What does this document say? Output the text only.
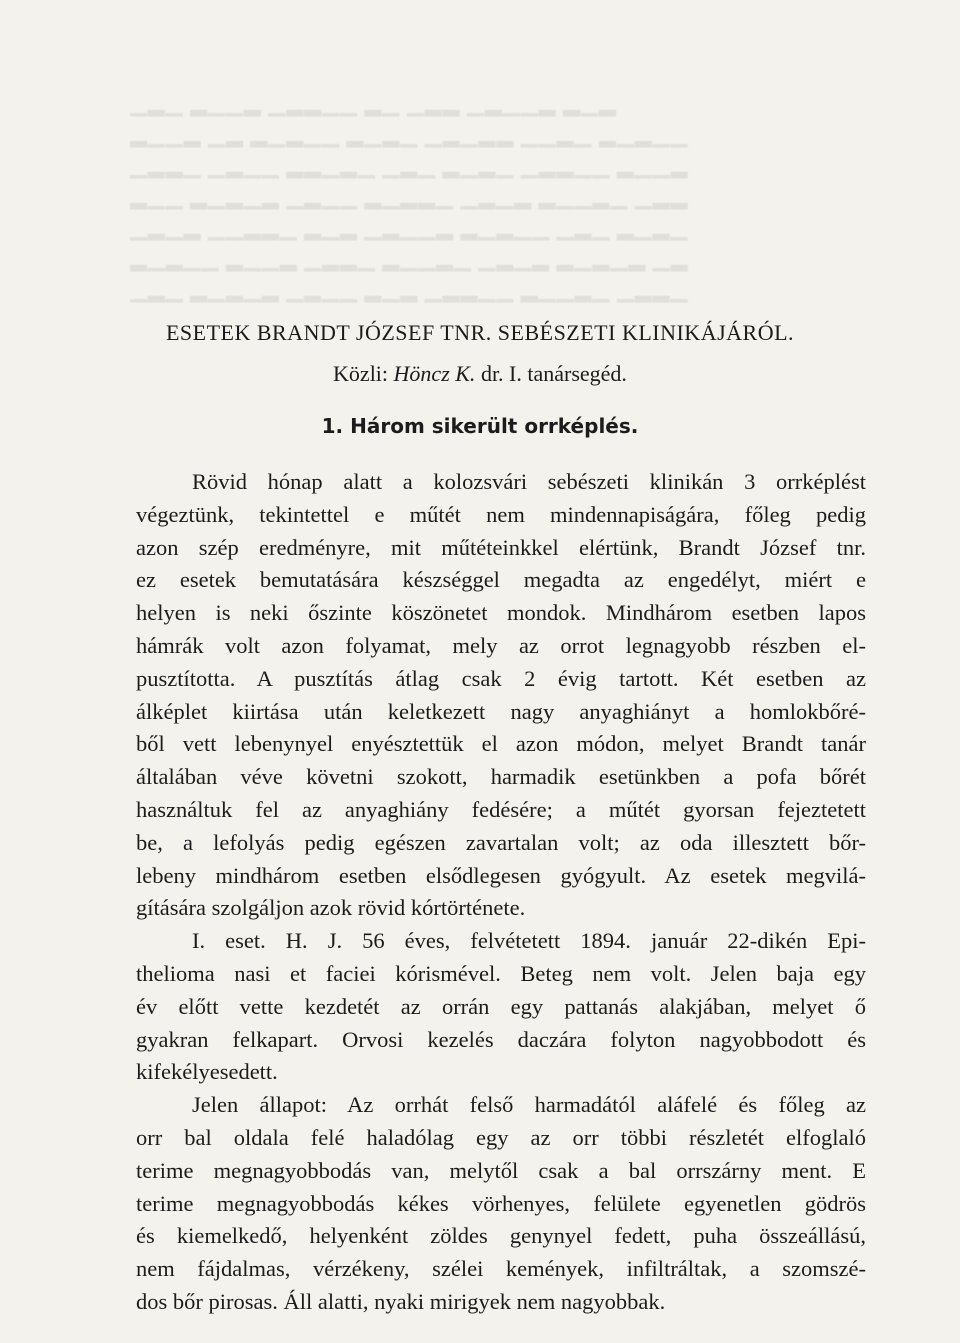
▁▂▁ ▂▁▁▂ ▁▂▂▁▁ ▂▁ ▁▂▂ ▁▂▁▁▂ ▂▁▂
▂▁▁▂ ▁▂ ▂▁▂▁▁ ▂▁▂▁ ▁▂▁▂▂ ▁▁▂▁ ▂▁▂▁▁
▁▂▂▁ ▁▂▁▁ ▂▂▁▂▁ ▁▂▁ ▂▁▂▁ ▁▂▂▁▁ ▂▁▁▂
▂▁▁ ▂▁▂▁▂ ▁▂▁▁ ▂▁▂▂▁ ▁▂▁▂ ▂▁▁▂▁ ▁▂▂
▁▂▁▂ ▁▁▂▂▁ ▂▁▂ ▁▂▁▁▂ ▂▁▂▁▁ ▁▂▁ ▂▁▂▁
▂▁▂▁▁ ▂▁▁▂ ▁▂▂▁ ▂▁▁▂▁ ▁▂▁▂ ▂▁▂▁▂ ▁▂
▁▂▁ ▂▁▂▁▂ ▁▂▁▁ ▂▁▂ ▁▂▂▁▁ ▂▁▁▂▁ ▁▂▂▁
ESETEK BRANDT JÓZSEF TNR. SEBÉSZETI KLINIKÁJÁRÓL.
Közli: Höncz K. dr. I. tanársegéd.
1. Három sikerült orrképlés.
Rövid hónap alatt a kolozsvári sebészeti klinikán 3 orrképlést
végeztünk, tekintettel e műtét nem mindennapiságára, főleg pedig
azon szép eredményre, mit műtéteinkkel elértünk, Brandt József tnr.
ez esetek bemutatására készséggel megadta az engedélyt, miért e
helyen is neki őszinte köszönetet mondok. Mindhárom esetben lapos
hámrák volt azon folyamat, mely az orrot legnagyobb részben el-
pusztította. A pusztítás átlag csak 2 évig tartott. Két esetben az
álképlet kiirtása után keletkezett nagy anyaghiányt a homlokbőré-
ből vett lebenynyel enyésztettük el azon módon, melyet Brandt tanár
általában véve követni szokott, harmadik esetünkben a pofa bőrét
használtuk fel az anyaghiány fedésére; a műtét gyorsan fejeztetett
be, a lefolyás pedig egészen zavartalan volt; az oda illesztett bőr-
lebeny mindhárom esetben elsődlegesen gyógyult. Az esetek megvilá-
gítására szolgáljon azok rövid kórtörténete.
I. eset. H. J. 56 éves, felvétetett 1894. január 22-dikén Epi-
thelioma nasi et faciei kórismével. Beteg nem volt. Jelen baja egy
év előtt vette kezdetét az orrán egy pattanás alakjában, melyet ő
gyakran felkapart. Orvosi kezelés daczára folyton nagyobbodott és
kifekélyesedett.
Jelen állapot: Az orrhát felső harmadától aláfelé és főleg az
orr bal oldala felé haladólag egy az orr többi részletét elfoglaló
terime megnagyobbodás van, melytől csak a bal orrszárny ment. E
terime megnagyobbodás kékes vörhenyes, felülete egyenetlen gödrös
és kiemelkedő, helyenként zöldes genynyel fedett, puha összeállású,
nem fájdalmas, vérzékeny, szélei kemények, infiltráltak, a szomszé-
dos bőr pirosas. Áll alatti, nyaki mirigyek nem nagyobbak.
